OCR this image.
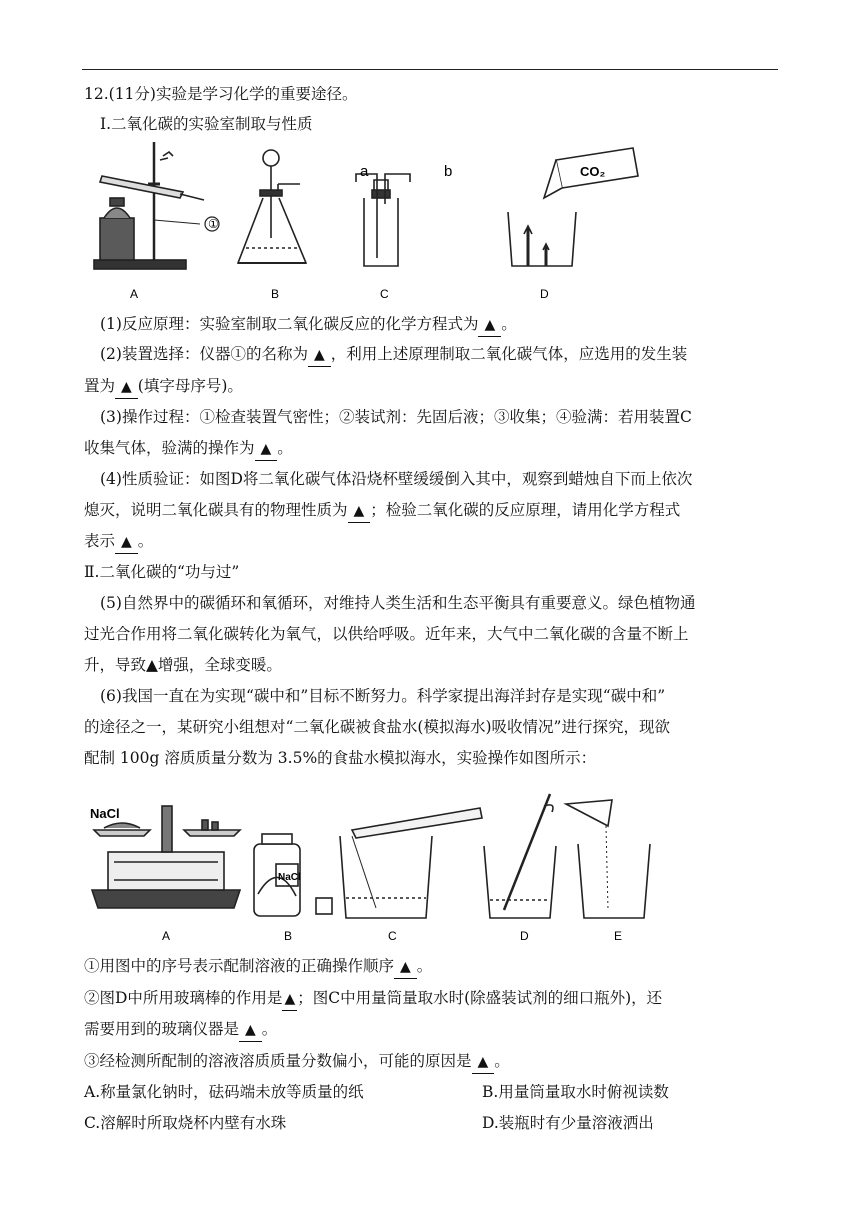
12.(11分)实验是学习化学的重要途径。
Ⅰ.二氧化碳的实验室制取与性质
CO₂
①
a	b
A	B	C	D
(1)反应原理：实验室制取二氧化碳反应的化学方程式为 ▲ 。
(2)装置选择：仪器①的名称为 ▲ ，利用上述原理制取二氧化碳气体，应选用的发生装
置为 ▲ (填字母序号)。
(3)操作过程：①检查装置气密性；②装试剂：先固后液；③收集；④验满：若用装置C
收集气体，验满的操作为 ▲ 。
(4)性质验证：如图D将二氧化碳气体沿烧杯壁缓缓倒入其中，观察到蜡烛自下而上依次
熄灭，说明二氧化碳具有的物理性质为 ▲ ；检验二氧化碳的反应原理，请用化学方程式
表示 ▲ 。
Ⅱ.二氧化碳的“功与过”
(5)自然界中的碳循环和氧循环，对维持人类生活和生态平衡具有重要意义。绿色植物通
过光合作用将二氧化碳转化为氧气，以供给呼吸。近年来，大气中二氧化碳的含量不断上
升，导致▲增强，全球变暖。
(6)我国一直在为实现“碳中和”目标不断努力。科学家提出海洋封存是实现“碳中和”
的途径之一，某研究小组想对“二氧化碳被食盐水(模拟海水)吸收情况”进行探究，现欲
配制 100g 溶质质量分数为 3.5%的食盐水模拟海水，实验操作如图所示：
NaCl
NaCl
A	B	C	D	E
①用图中的序号表示配制溶液的正确操作顺序 ▲ 。
②图D中所用玻璃棒的作用是 ▲ ；图C中用量筒量取水时(除盛装试剂的细口瓶外)，还
需要用到的玻璃仪器是 ▲ 。
③经检测所配制的溶液溶质质量分数偏小，可能的原因是 ▲ 。
A.称量氯化钠时，砝码端未放等质量的纸	B.用量筒量取水时俯视读数
C.溶解时所取烧杯内壁有水珠	D.装瓶时有少量溶液洒出
